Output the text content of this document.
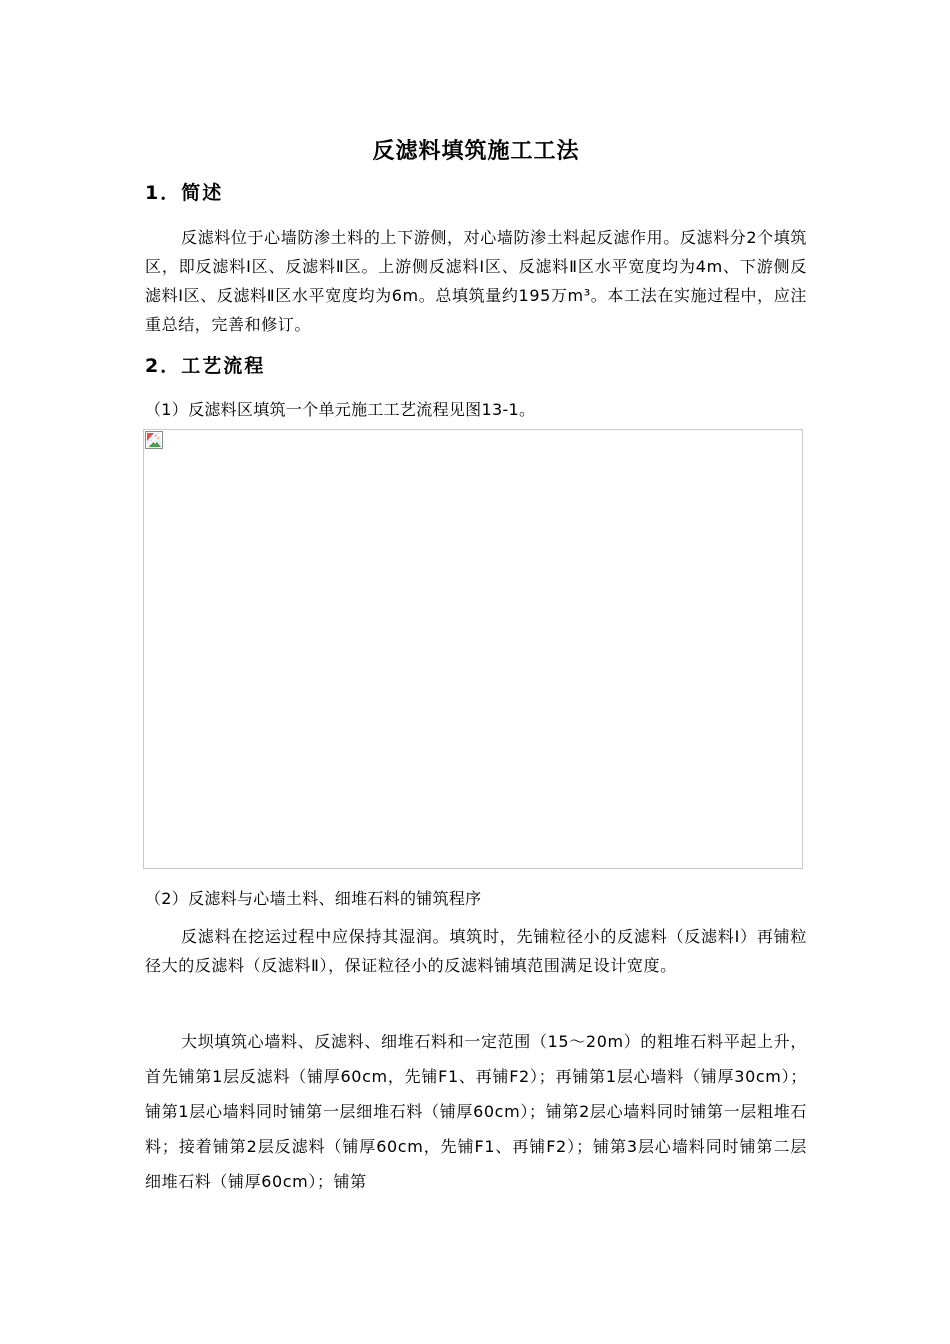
反滤料填筑施工工法
1．简述
反滤料位于心墙防渗土料的上下游侧，对心墙防渗土料起反滤作用。反滤料分2个填筑区，即反滤料Ⅰ区、反滤料Ⅱ区。上游侧反滤料Ⅰ区、反滤料Ⅱ区水平宽度均为4m、下游侧反滤料Ⅰ区、反滤料Ⅱ区水平宽度均为6m。总填筑量约195万m³。本工法在实施过程中，应注重总结，完善和修订。
2．工艺流程
（1）反滤料区填筑一个单元施工工艺流程见图13-1。
（2）反滤料与心墙土料、细堆石料的铺筑程序
反滤料在挖运过程中应保持其湿润。填筑时，先铺粒径小的反滤料（反滤料Ⅰ）再铺粒径大的反滤料（反滤料Ⅱ），保证粒径小的反滤料铺填范围满足设计宽度。
大坝填筑心墙料、反滤料、细堆石料和一定范围（15～20m）的粗堆石料平起上升，首先铺第1层反滤料（铺厚60cm，先铺F1、再铺F2）；再铺第1层心墙料（铺厚30cm）；铺第1层心墙料同时铺第一层细堆石料（铺厚60cm）；铺第2层心墙料同时铺第一层粗堆石料；接着铺第2层反滤料（铺厚60cm，先铺F1、再铺F2）；铺第3层心墙料同时铺第二层细堆石料（铺厚60cm）；铺第
